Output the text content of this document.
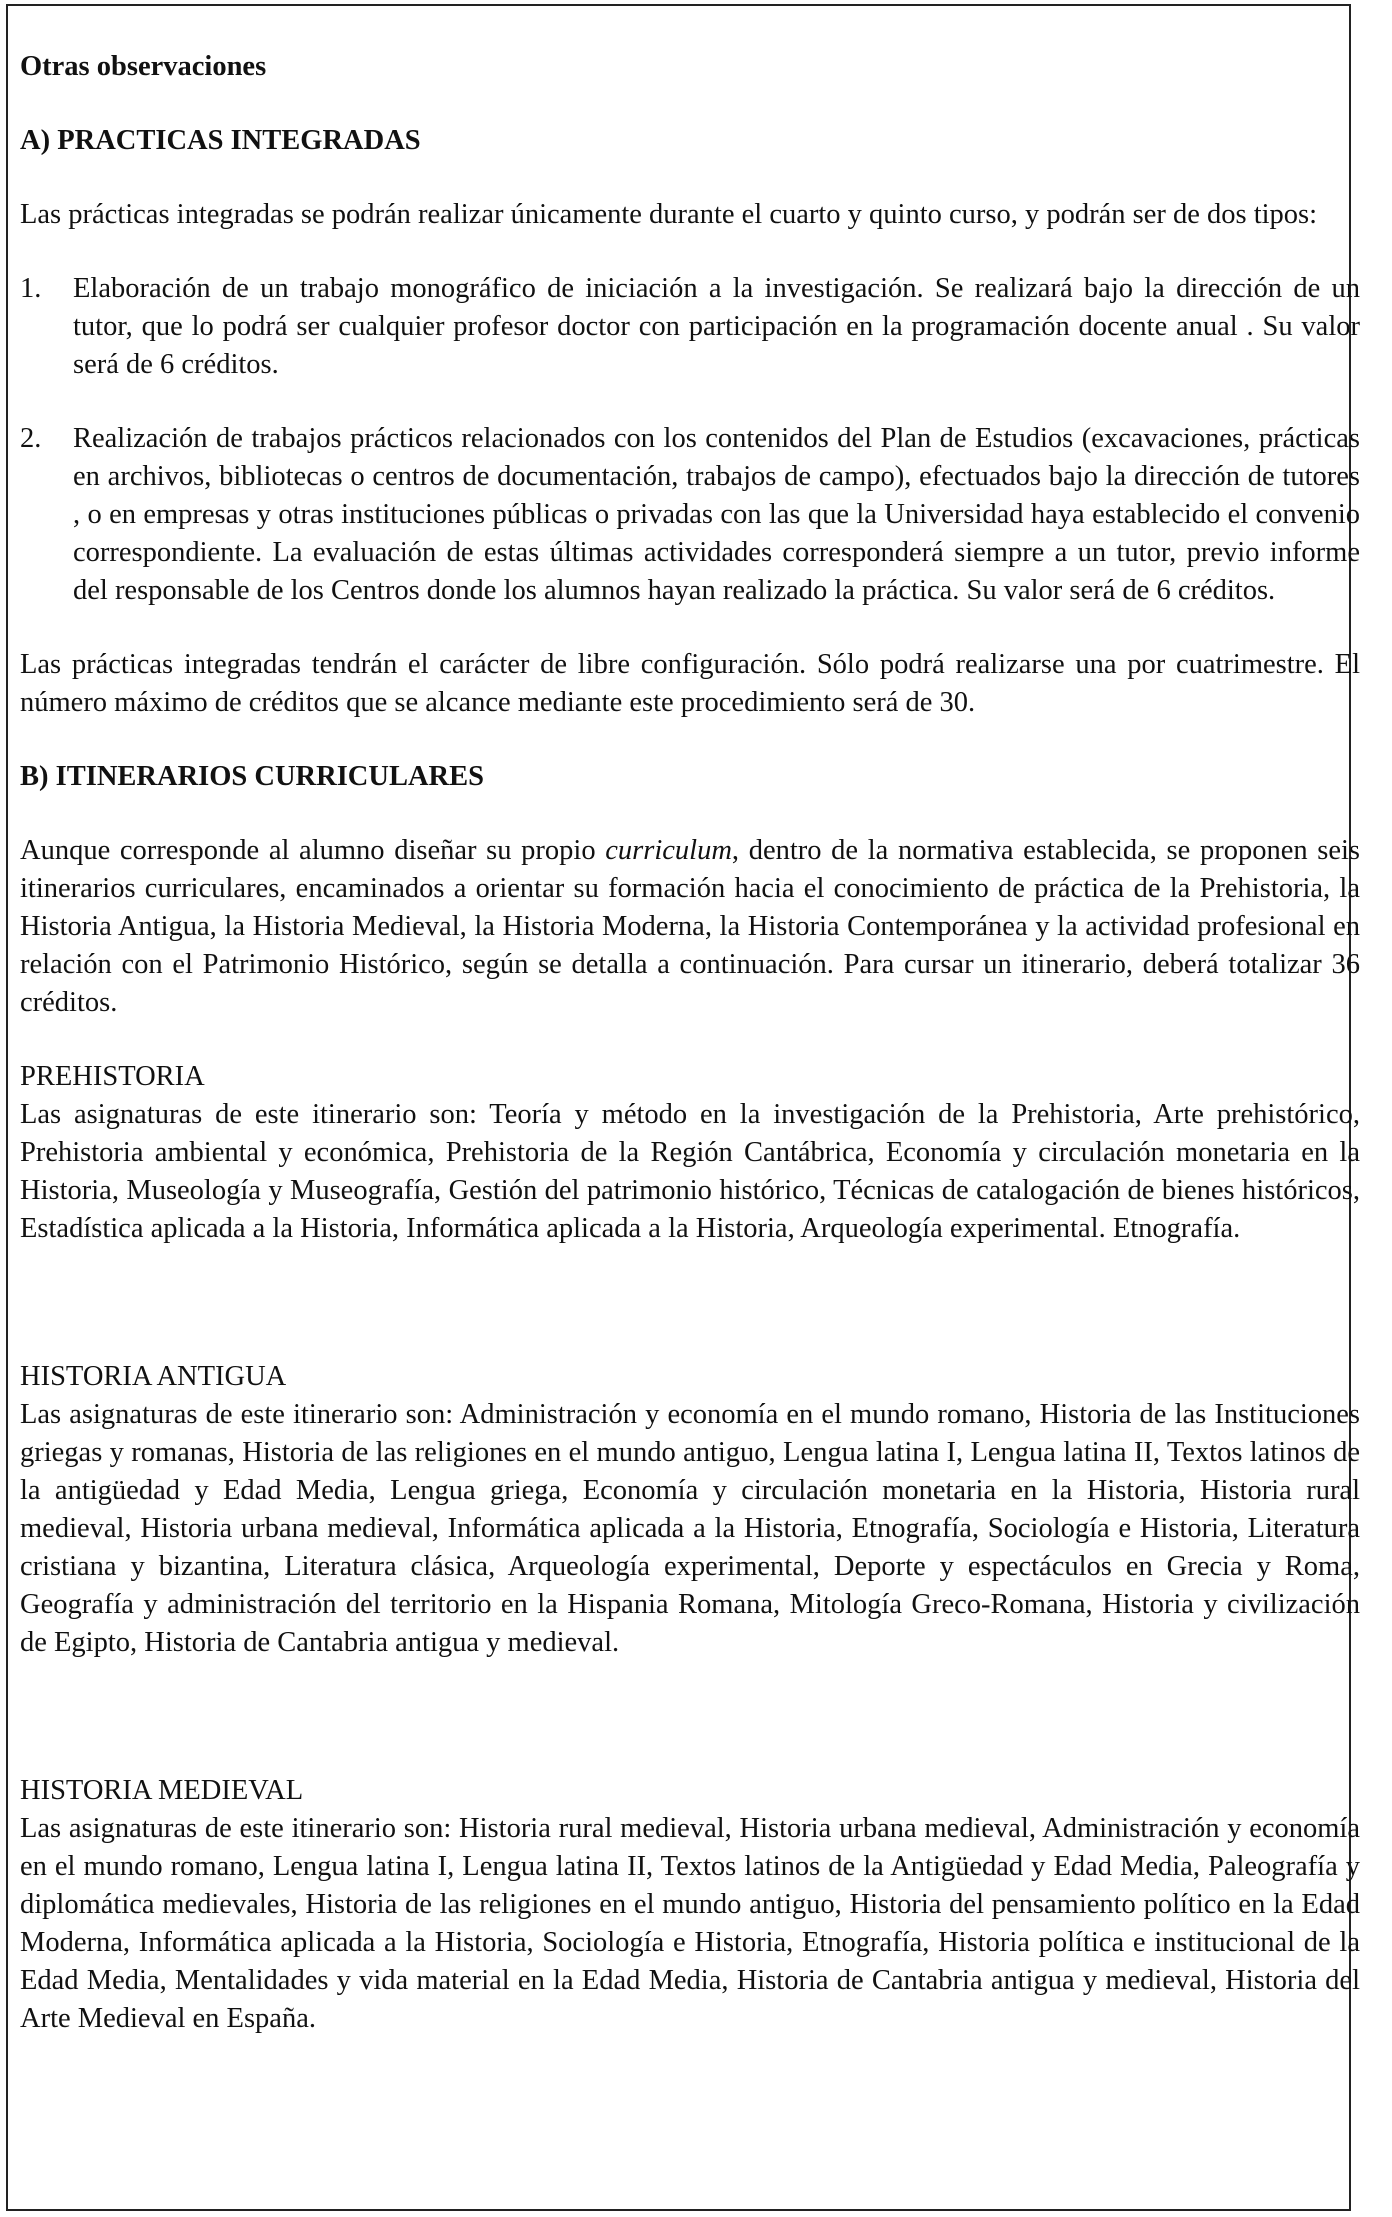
Otras observaciones

A) PRACTICAS INTEGRADAS

Las prácticas integradas se podrán realizar únicamente durante el cuarto y quinto curso, y podrán ser de dos tipos:

1. Elaboración de un trabajo monográfico de iniciación a la investigación. Se realizará bajo la dirección de un tutor, que lo podrá ser cualquier profesor doctor con participación en la programación docente anual . Su valor será de 6 créditos.

2. Realización de trabajos prácticos relacionados con los contenidos del Plan de Estudios (excavaciones, prácticas en archivos, bibliotecas o centros de documentación, trabajos de campo), efectuados bajo la dirección de tutores , o en empresas y otras instituciones públicas o privadas con las que la Universidad haya establecido el convenio correspondiente. La evaluación de estas últimas actividades corresponderá siempre a un tutor, previo informe del responsable de los Centros donde los alumnos hayan realizado la práctica. Su valor será de 6 créditos.

Las prácticas integradas tendrán el carácter de libre configuración. Sólo podrá realizarse una por cuatrimestre. El número máximo de créditos que se alcance mediante este procedimiento será de 30.

B) ITINERARIOS CURRICULARES

Aunque corresponde al alumno diseñar su propio curriculum, dentro de la normativa establecida, se proponen seis itinerarios curriculares, encaminados a orientar su formación hacia el conocimiento de práctica de la Prehistoria, la Historia Antigua, la Historia Medieval, la Historia Moderna, la Historia Contemporánea y la actividad profesional en relación con el Patrimonio Histórico, según se detalla a continuación. Para cursar un itinerario, deberá totalizar 36 créditos.

PREHISTORIA

Las asignaturas de este itinerario son: Teoría y método en la investigación de la Prehistoria, Arte prehistórico, Prehistoria ambiental y económica, Prehistoria de la Región Cantábrica, Economía y circulación monetaria en la Historia, Museología y Museografía, Gestión del patrimonio histórico, Técnicas de catalogación de bienes históricos, Estadística aplicada a la Historia, Informática aplicada a la Historia, Arqueología experimental. Etnografía.

HISTORIA ANTIGUA

Las asignaturas de este itinerario son: Administración y economía en el mundo romano, Historia de las Instituciones griegas y romanas, Historia de las religiones en el mundo antiguo, Lengua latina I, Lengua latina II, Textos latinos de la antigüedad y Edad Media, Lengua griega, Economía y circulación monetaria en la Historia, Historia rural medieval, Historia urbana medieval, Informática aplicada a la Historia, Etnografía, Sociología e Historia, Literatura cristiana y bizantina, Literatura clásica, Arqueología experimental, Deporte y espectáculos en Grecia y Roma, Geografía y administración del territorio en la Hispania Romana, Mitología Greco-Romana, Historia y civilización de Egipto, Historia de Cantabria antigua y medieval.

HISTORIA MEDIEVAL

Las asignaturas de este itinerario son: Historia rural medieval, Historia urbana medieval, Administración y economía en el mundo romano, Lengua latina I, Lengua latina II, Textos latinos de la Antigüedad y Edad Media, Paleografía y diplomática medievales, Historia de las religiones en el mundo antiguo, Historia del pensamiento político en la Edad Moderna, Informática aplicada a la Historia, Sociología e Historia, Etnografía, Historia política e institucional de la Edad Media, Mentalidades y vida material en la Edad Media, Historia de Cantabria antigua y medieval, Historia del Arte Medieval en España.
